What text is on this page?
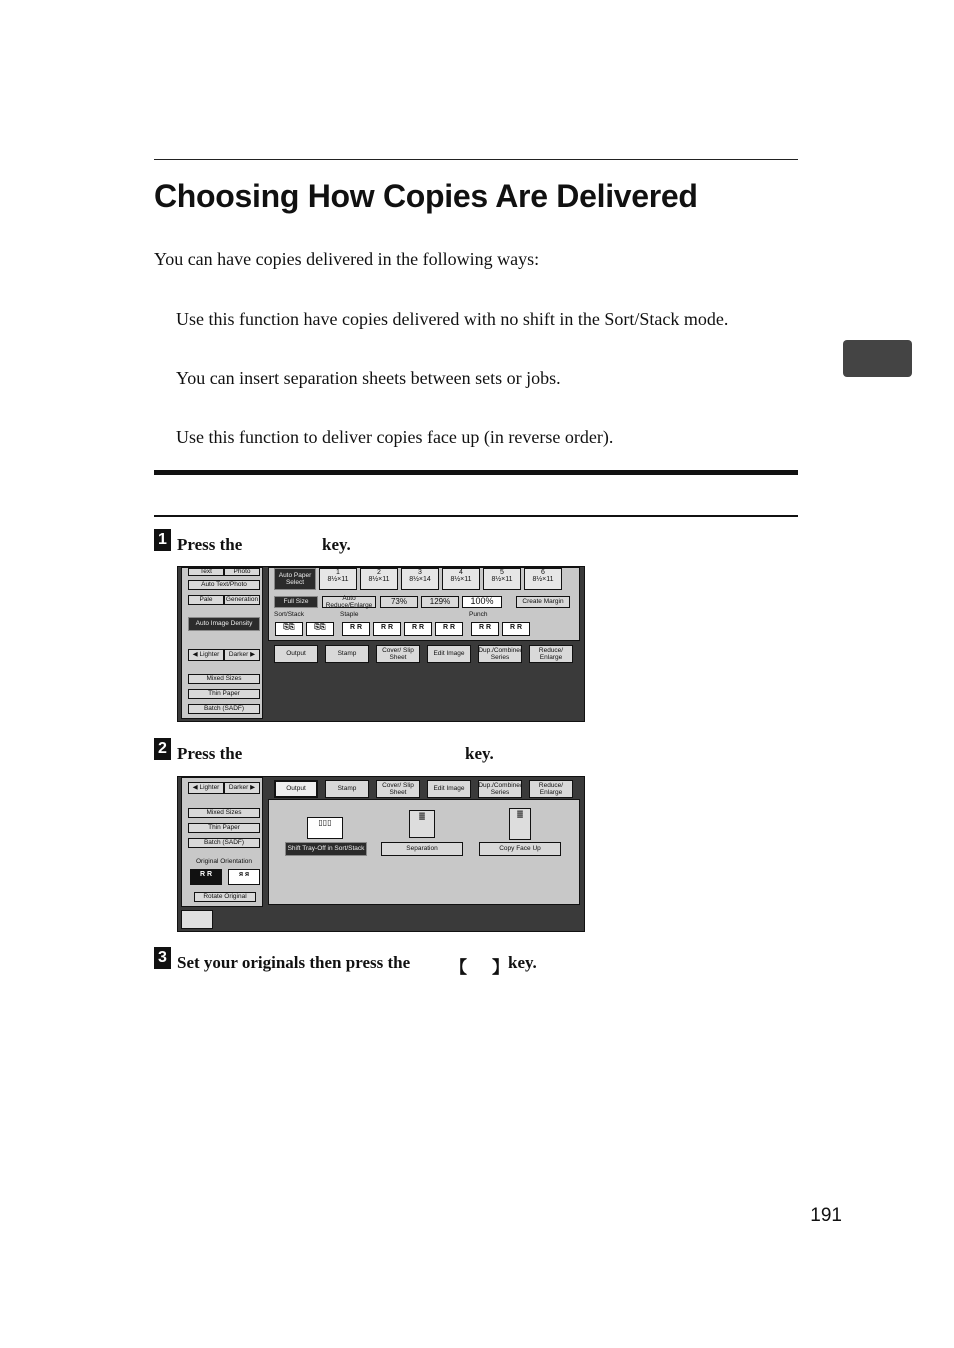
Choosing How Copies Are Delivered
You can have copies delivered in the following ways:
Use this function have copies delivered with no shift in the Sort/Stack mode.
You can insert separation sheets between sets or jobs.
Use this function to deliver copies face up (in reverse order).
1 Press the	key.
Text	Photo
Auto Text/Photo
Pale	Generation
Auto Image Density
◀ Lighter Darker ▶
Mixed Sizes
Thin Paper
Batch (SADF)
Auto Paper Select
1
8½×11
2
8½×11
3
8½×14
4
8½×11
5
8½×11
6
8½×11
Full Size
Auto Reduce/Enlarge	73%	129%	100%	Create Margin
Sort/Stack	Staple	Punch
⎘⎘	⎘⎘	R R	R R	R R	R R	R R	R R
Output	Stamp
Cover/ Slip Sheet
Edit Image
Dup./Combine/ Series
Reduce/ Enlarge
2 Press the	key.
◀ Lighter Darker ▶
Mixed Sizes
Thin Paper
Batch (SADF)
Original Orientation
R R	ᴙ ᴙ
Rotate Original
Output	Stamp
Cover/ Slip Sheet
Edit Image
Dup./Combine/ Series
Reduce/ Enlarge
▯▯▯
≣	≣
Shift Tray-Off in Sort/Stack	Separation	Copy Face Up
3 Set your originals then press the 【 】 key.
191
